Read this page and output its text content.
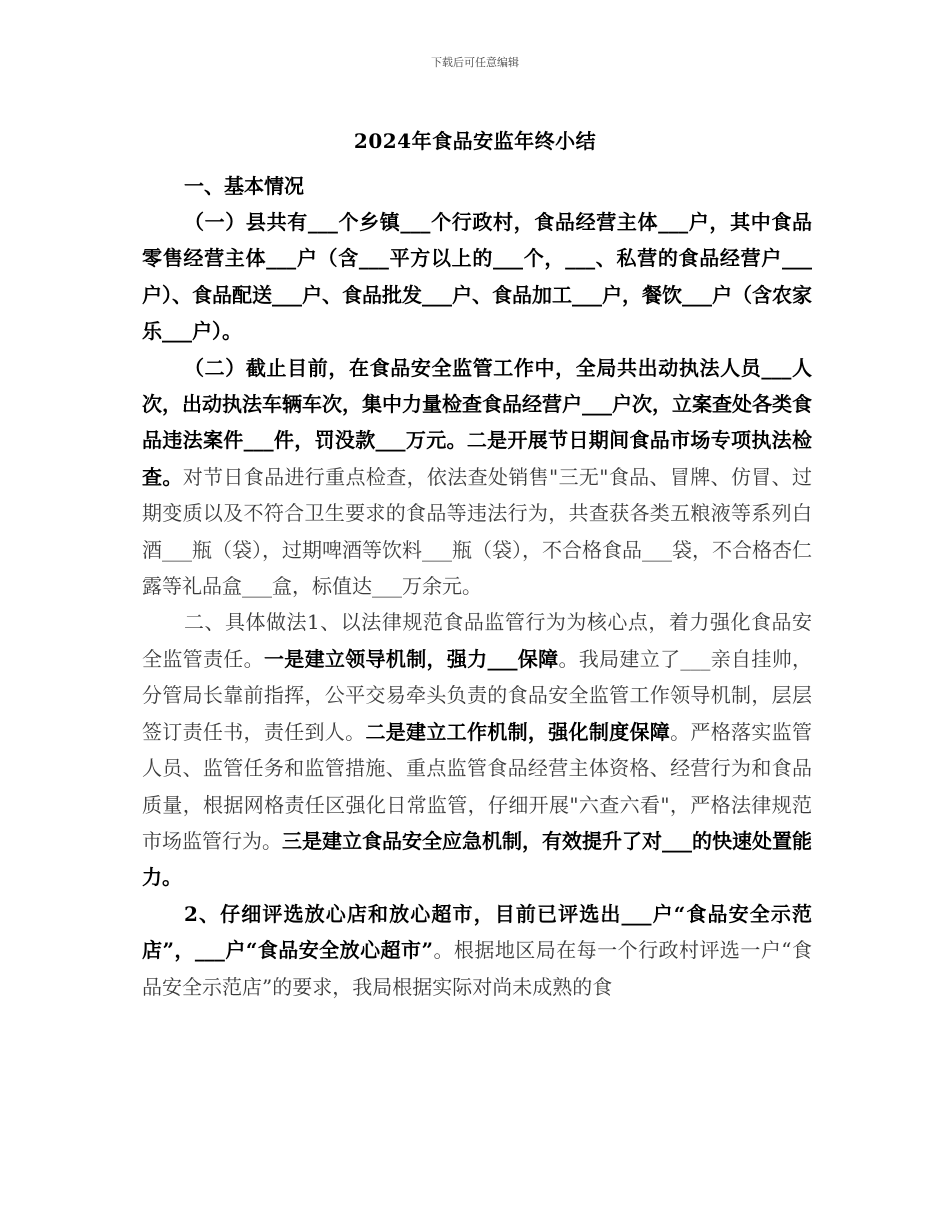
下载后可任意编辑
2024年食品安监年终小结

一、基本情况

（一）县共有___个乡镇___个行政村，食品经营主体___户，其中食品零售经营主体___户（含___平方以上的___个，___、私营的食品经营户___户）、食品配送___户、食品批发___户、食品加工___户，餐饮___户（含农家乐___户）。

（二）截止目前，在食品安全监管工作中，全局共出动执法人员___人次，出动执法车辆车次，集中力量检查食品经营户___户次，立案查处各类食品违法案件___件，罚没款___万元。二是开展节日期间食品市场专项执法检查。对节日食品进行重点检查，依法查处销售"三无"食品、冒牌、仿冒、过期变质以及不符合卫生要求的食品等违法行为，共查获各类五粮液等系列白酒___瓶（袋），过期啤酒等饮料___瓶（袋），不合格食品___袋，不合格杏仁露等礼品盒___盒，标值达___万余元。

二、具体做法1、以法律规范食品监管行为为核心点，着力强化食品安全监管责任。一是建立领导机制，强力___保障。我局建立了___亲自挂帅，分管局长靠前指挥，公平交易牵头负责的食品安全监管工作领导机制，层层签订责任书，责任到人。二是建立工作机制，强化制度保障。严格落实监管人员、监管任务和监管措施、重点监管食品经营主体资格、经营行为和食品质量，根据网格责任区强化日常监管，仔细开展"六查六看"，严格法律规范市场监管行为。三是建立食品安全应急机制，有效提升了对___的快速处置能力。

2、仔细评选放心店和放心超市，目前已评选出___户“食品安全示范店”，___户“食品安全放心超市”。根据地区局在每一个行政村评选一户“食品安全示范店”的要求，我局根据实际对尚未成熟的食
